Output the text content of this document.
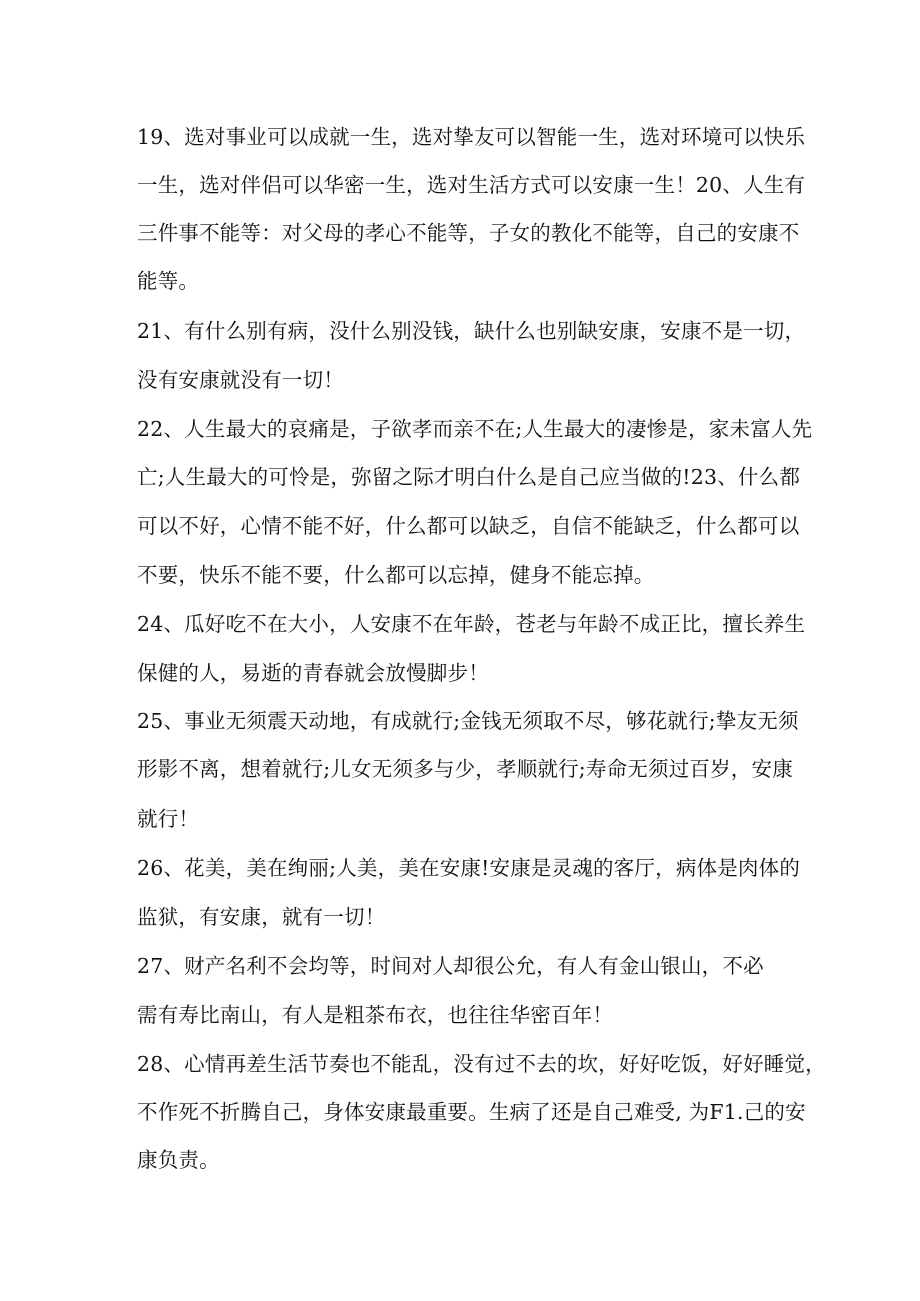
19、选对事业可以成就一生，选对挚友可以智能一生，选对环境可以快乐
一生，选对伴侣可以华密一生，选对生活方式可以安康一生！20、人生有
三件事不能等：对父母的孝心不能等，子女的教化不能等，自己的安康不
能等。
21、有什么别有病，没什么别没钱，缺什么也别缺安康，安康不是一切，
没有安康就没有一切！
22、人生最大的哀痛是，子欲孝而亲不在;人生最大的凄惨是，家未富人先
亡;人生最大的可怜是，弥留之际才明白什么是自己应当做的!23、什么都
可以不好，心情不能不好，什么都可以缺乏，自信不能缺乏，什么都可以
不要，快乐不能不要，什么都可以忘掉，健身不能忘掉。
24、瓜好吃不在大小，人安康不在年龄，苍老与年龄不成正比，擅长养生
保健的人，易逝的青春就会放慢脚步！
25、事业无须震天动地，有成就行;金钱无须取不尽，够花就行;挚友无须
形影不离，想着就行;儿女无须多与少，孝顺就行;寿命无须过百岁，安康
就行！
26、花美，美在绚丽;人美，美在安康!安康是灵魂的客厅，病体是肉体的
监狱，有安康，就有一切！
27、财产名利不会均等，时间对人却很公允，有人有金山银山，不必
需有寿比南山，有人是粗茶布衣，也往往华密百年！
28、心情再差生活节奏也不能乱，没有过不去的坎，好好吃饭，好好睡觉，
不作死不折腾自己，身体安康最重要。生病了还是自己难受, 为F1.己的安
康负责。
